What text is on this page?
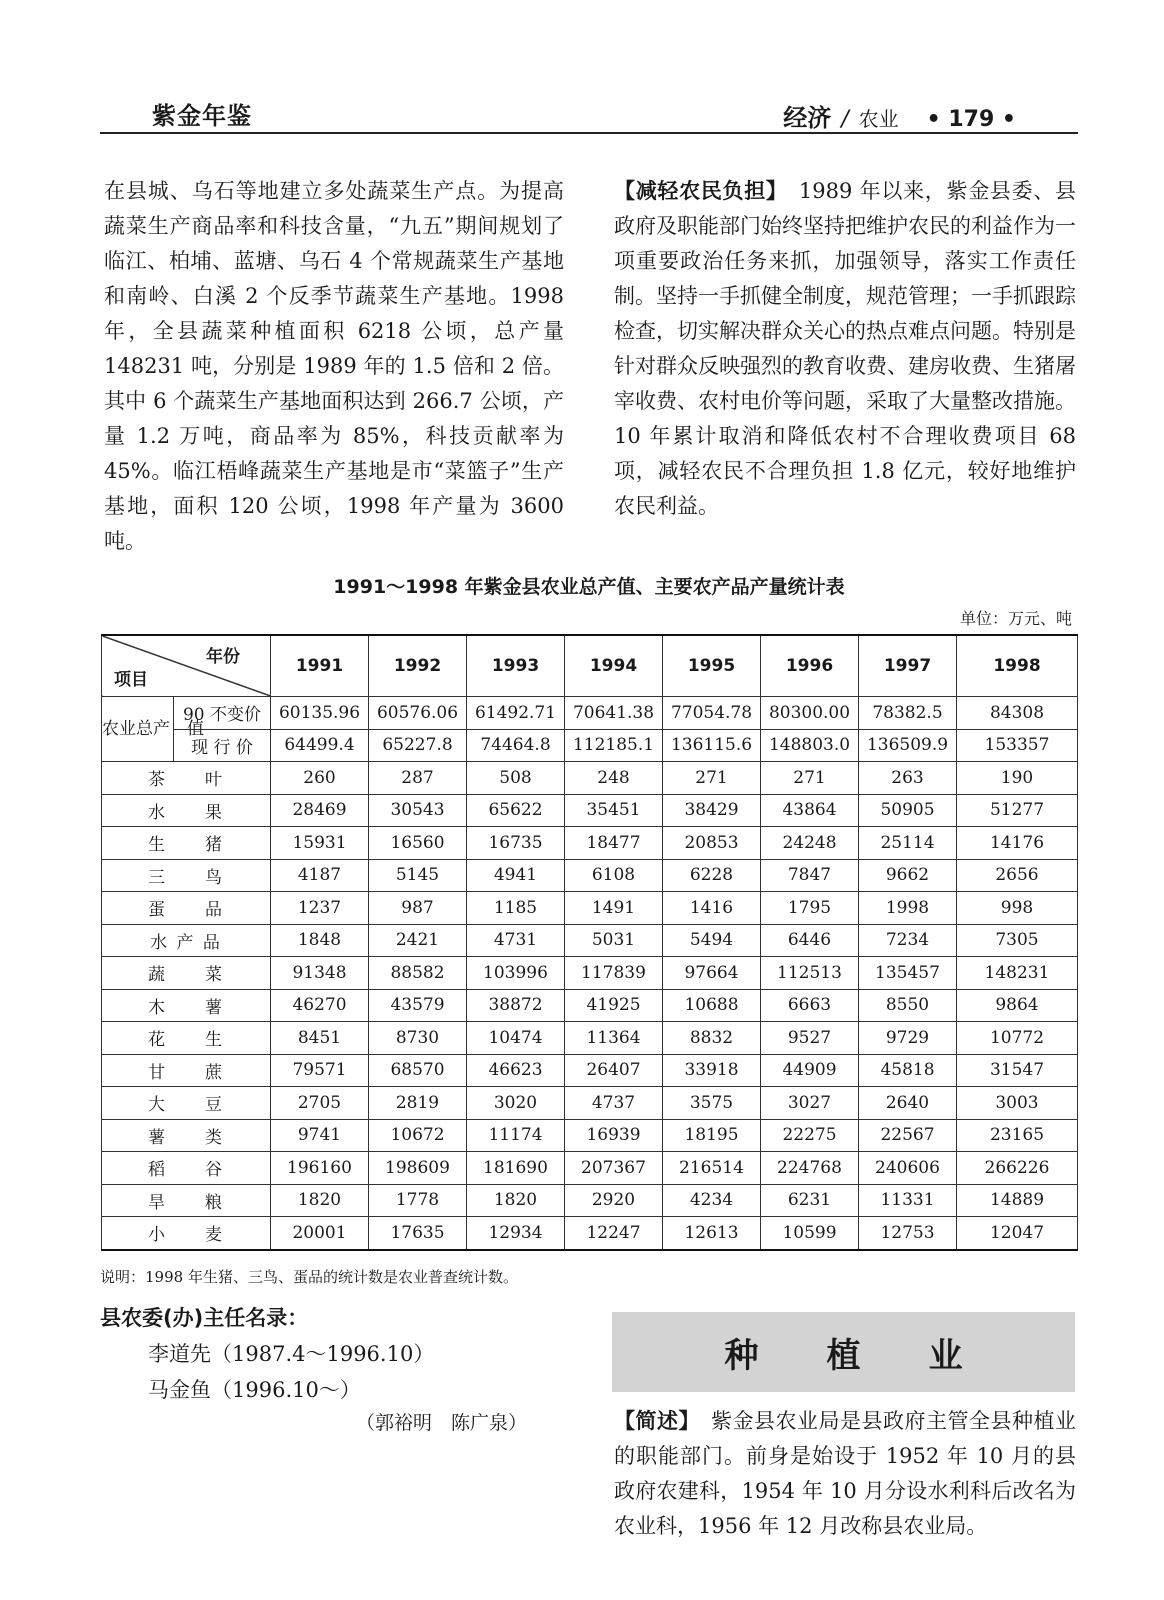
紫金年鉴	经济 / 农业 • 179 •
在县城、乌石等地建立多处蔬菜生产点。为提高蔬菜生产商品率和科技含量，“九五”期间规划了临江、柏埔、蓝塘、乌石 4 个常规蔬菜生产基地和南岭、白溪 2 个反季节蔬菜生产基地。1998 年，全县蔬菜种植面积 6218 公顷，总产量 148231 吨，分别是 1989 年的 1.5 倍和 2 倍。其中 6 个蔬菜生产基地面积达到 266.7 公顷，产量 1.2 万吨，商品率为 85%，科技贡献率为 45%。临江梧峰蔬菜生产基地是市“菜篮子”生产基地，面积 120 公顷，1998 年产量为 3600 吨。
【减轻农民负担】　 1989 年以来，紫金县委、县政府及职能部门始终坚持把维护农民的利益作为一项重要政治任务来抓，加强领导，落实工作责任制。坚持一手抓健全制度，规范管理；一手抓跟踪检查，切实解决群众关心的热点难点问题。特别是针对群众反映强烈的教育收费、建房收费、生猪屠宰收费、农村电价等问题，采取了大量整改措施。10 年累计取消和降低农村不合理收费项目 68 项，减轻农民不合理负担 1.8 亿元，较好地维护农民利益。
1991～1998 年紫金县农业总产值、主要农产品产量统计表
单位：万元、吨
年份
项目		1991	1992	1993	1994	1995	1996	1997	1998
农业总产　值	90 不变价	60135.96	60576.06	61492.71	70641.38	77054.78	80300.00	78382.5	84308
	现 行 价	64499.4	65227.8	74464.8	112185.1	136115.6	148803.0	136509.9	153357
茶　　叶		260	287	508	248	271	271	263	190
水　　果		28469	30543	65622	35451	38429	43864	50905	51277
生　　猪		15931	16560	16735	18477	20853	24248	25114	14176
三　　鸟		4187	5145	4941	6108	6228	7847	9662	2656
蛋　　品		1237	987	1185	1491	1416	1795	1998	998
水 产 品		1848	2421	4731	5031	5494	6446	7234	7305
蔬　　菜		91348	88582	103996	117839	97664	112513	135457	148231
木　　薯		46270	43579	38872	41925	10688	6663	8550	9864
花　　生		8451	8730	10474	11364	8832	9527	9729	10772
甘　　蔗		79571	68570	46623	26407	33918	44909	45818	31547
大　　豆		2705	2819	3020	4737	3575	3027	2640	3003
薯　　类		9741	10672	11174	16939	18195	22275	22567	23165
稻　　谷		196160	198609	181690	207367	216514	224768	240606	266226
旱　　粮		1820	1778	1820	2920	4234	6231	11331	14889
小　　麦		20001	17635	12934	12247	12613	10599	12753	12047
说明：1998 年生猪、三鸟、蛋品的统计数是农业普查统计数。
县农委(办)主任名录：
李道先（1987.4～1996.10）
马金鱼（1996.10～）
（郭裕明　陈广泉）
种植业
【简述】　 紫金县农业局是县政府主管全县种植业的职能部门。前身是始设于 1952 年 10 月的县政府农建科，1954 年 10 月分设水利科后改名为农业科，1956 年 12 月改称县农业局。
